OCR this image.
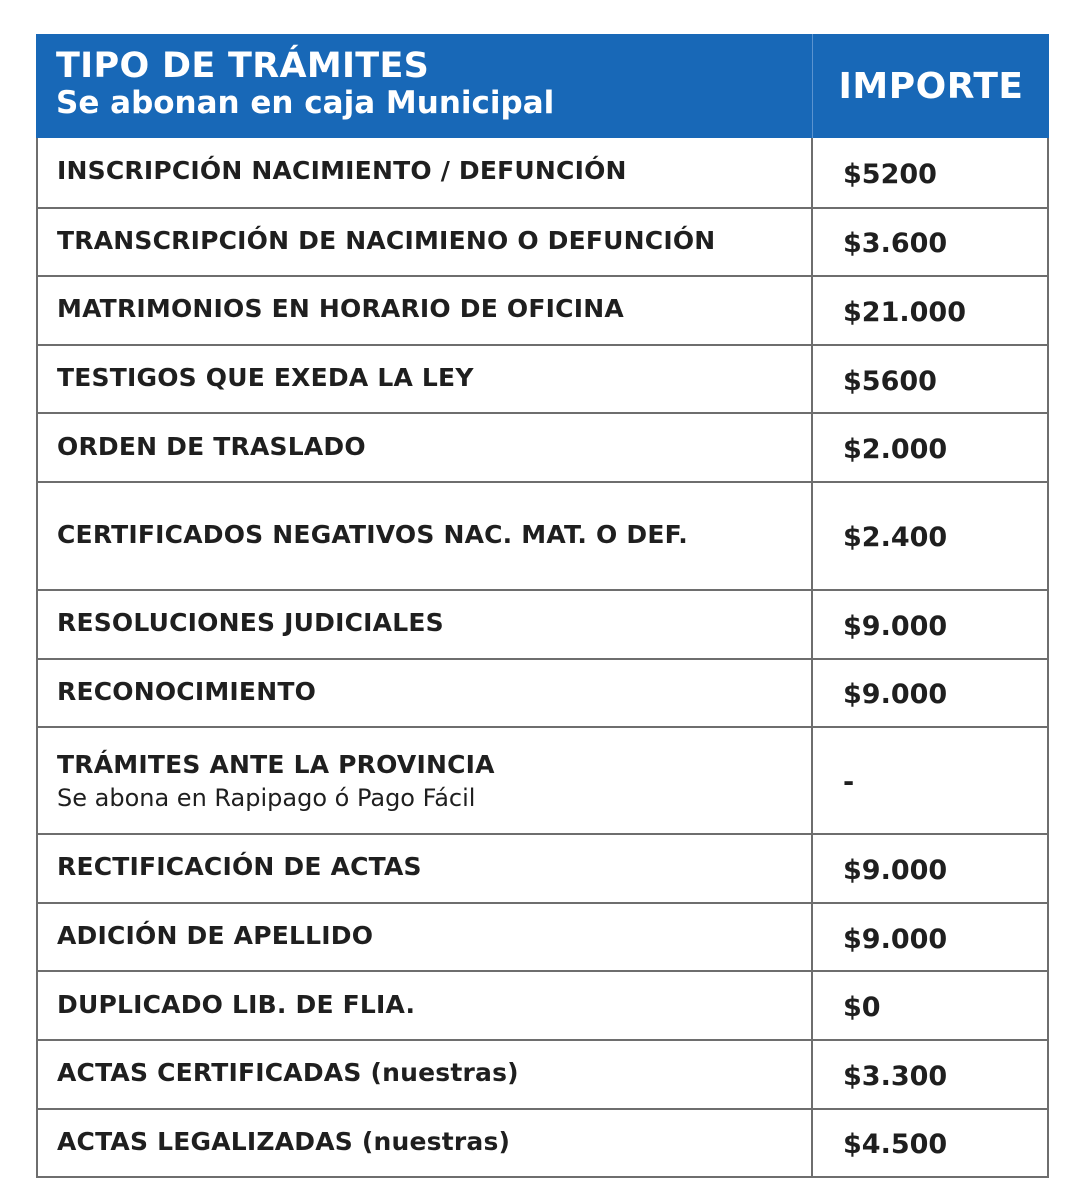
TIPO DE TRÁMITES
Se abonan en caja Municipal	IMPORTE
INSCRIPCIÓN NACIMIENTO / DEFUNCIÓN	$5200
TRANSCRIPCIÓN DE NACIMIENO O DEFUNCIÓN	$3.600
MATRIMONIOS EN HORARIO DE OFICINA	$21.000
TESTIGOS QUE EXEDA LA LEY	$5600
ORDEN DE TRASLADO	$2.000
CERTIFICADOS NEGATIVOS NAC. MAT. O DEF.	$2.400
RESOLUCIONES JUDICIALES	$9.000
RECONOCIMIENTO	$9.000
TRÁMITES ANTE LA PROVINCIA
Se abona en Rapipago ó Pago Fácil	-
RECTIFICACIÓN DE ACTAS	$9.000
ADICIÓN DE APELLIDO	$9.000
DUPLICADO LIB. DE FLIA.	$0
ACTAS CERTIFICADAS (nuestras)	$3.300
ACTAS LEGALIZADAS (nuestras)	$4.500
